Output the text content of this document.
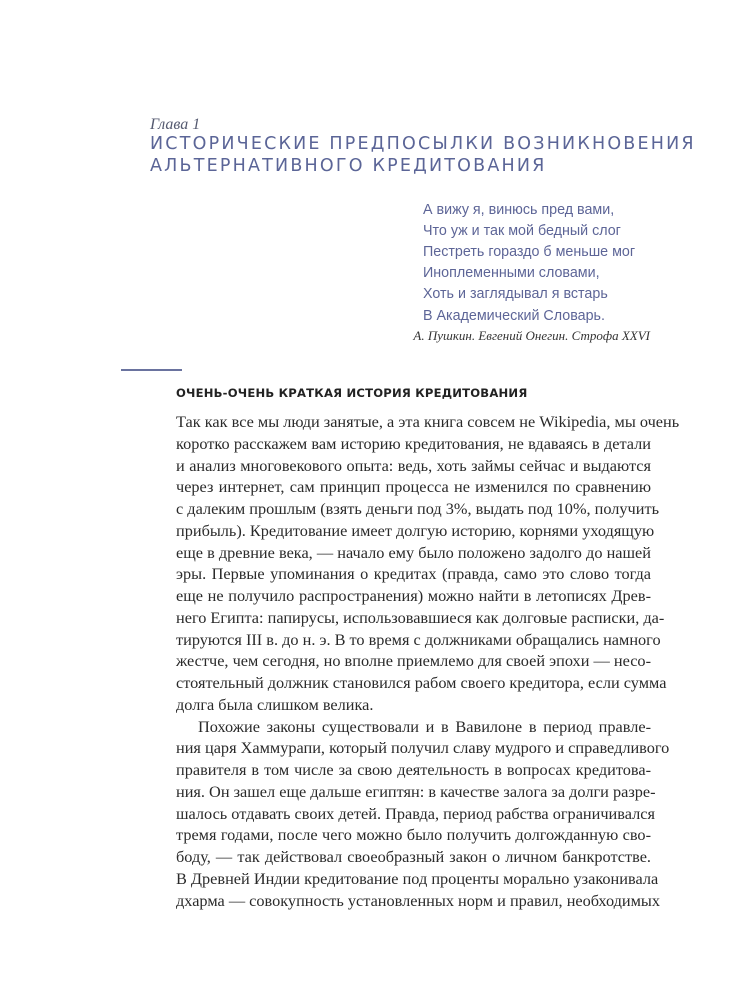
Глава 1
ИСТОРИЧЕСКИЕ ПРЕДПОСЫЛКИ ВОЗНИКНОВЕНИЯ
АЛЬТЕРНАТИВНОГО КРЕДИТОВАНИЯ
А вижу я, винюсь пред вами,
Что уж и так мой бедный слог
Пестреть гораздо б меньше мог
Иноплеменными словами,
Хоть и заглядывал я встарь
В Академический Словарь.
А. Пушкин. Евгений Онегин. Строфа XXVI
ОЧЕНЬ-ОЧЕНЬ КРАТКАЯ ИСТОРИЯ КРЕДИТОВАНИЯ
Так как все мы люди занятые, а эта книга совсем не Wikipedia, мы очень
коротко расскажем вам историю кредитования, не вдаваясь в детали
и анализ многовекового опыта: ведь, хоть займы сейчас и выдаются
через интернет, сам принцип процесса не изменился по сравнению
с далеким прошлым (взять деньги под 3%, выдать под 10%, получить
прибыль). Кредитование имеет долгую историю, корнями уходящую
еще в древние века, — начало ему было положено задолго до нашей
эры. Первые упоминания о кредитах (правда, само это слово тогда
еще не получило распространения) можно найти в летописях Древ-
него Египта: папирусы, использовавшиеся как долговые расписки, да-
тируются III в. до н. э. В то время с должниками обращались намного
жестче, чем сегодня, но вполне приемлемо для своей эпохи — несо-
стоятельный должник становился рабом своего кредитора, если сумма
долга была слишком велика.
Похожие законы существовали и в Вавилоне в период правле-
ния царя Хаммурапи, который получил славу мудрого и справедливого
правителя в том числе за свою деятельность в вопросах кредитова-
ния. Он зашел еще дальше египтян: в качестве залога за долги разре-
шалось отдавать своих детей. Правда, период рабства ограничивался
тремя годами, после чего можно было получить долгожданную сво-
боду, — так действовал своеобразный закон о личном банкротстве.
В Древней Индии кредитование под проценты морально узаконивала
дхарма — совокупность установленных норм и правил, необходимых
